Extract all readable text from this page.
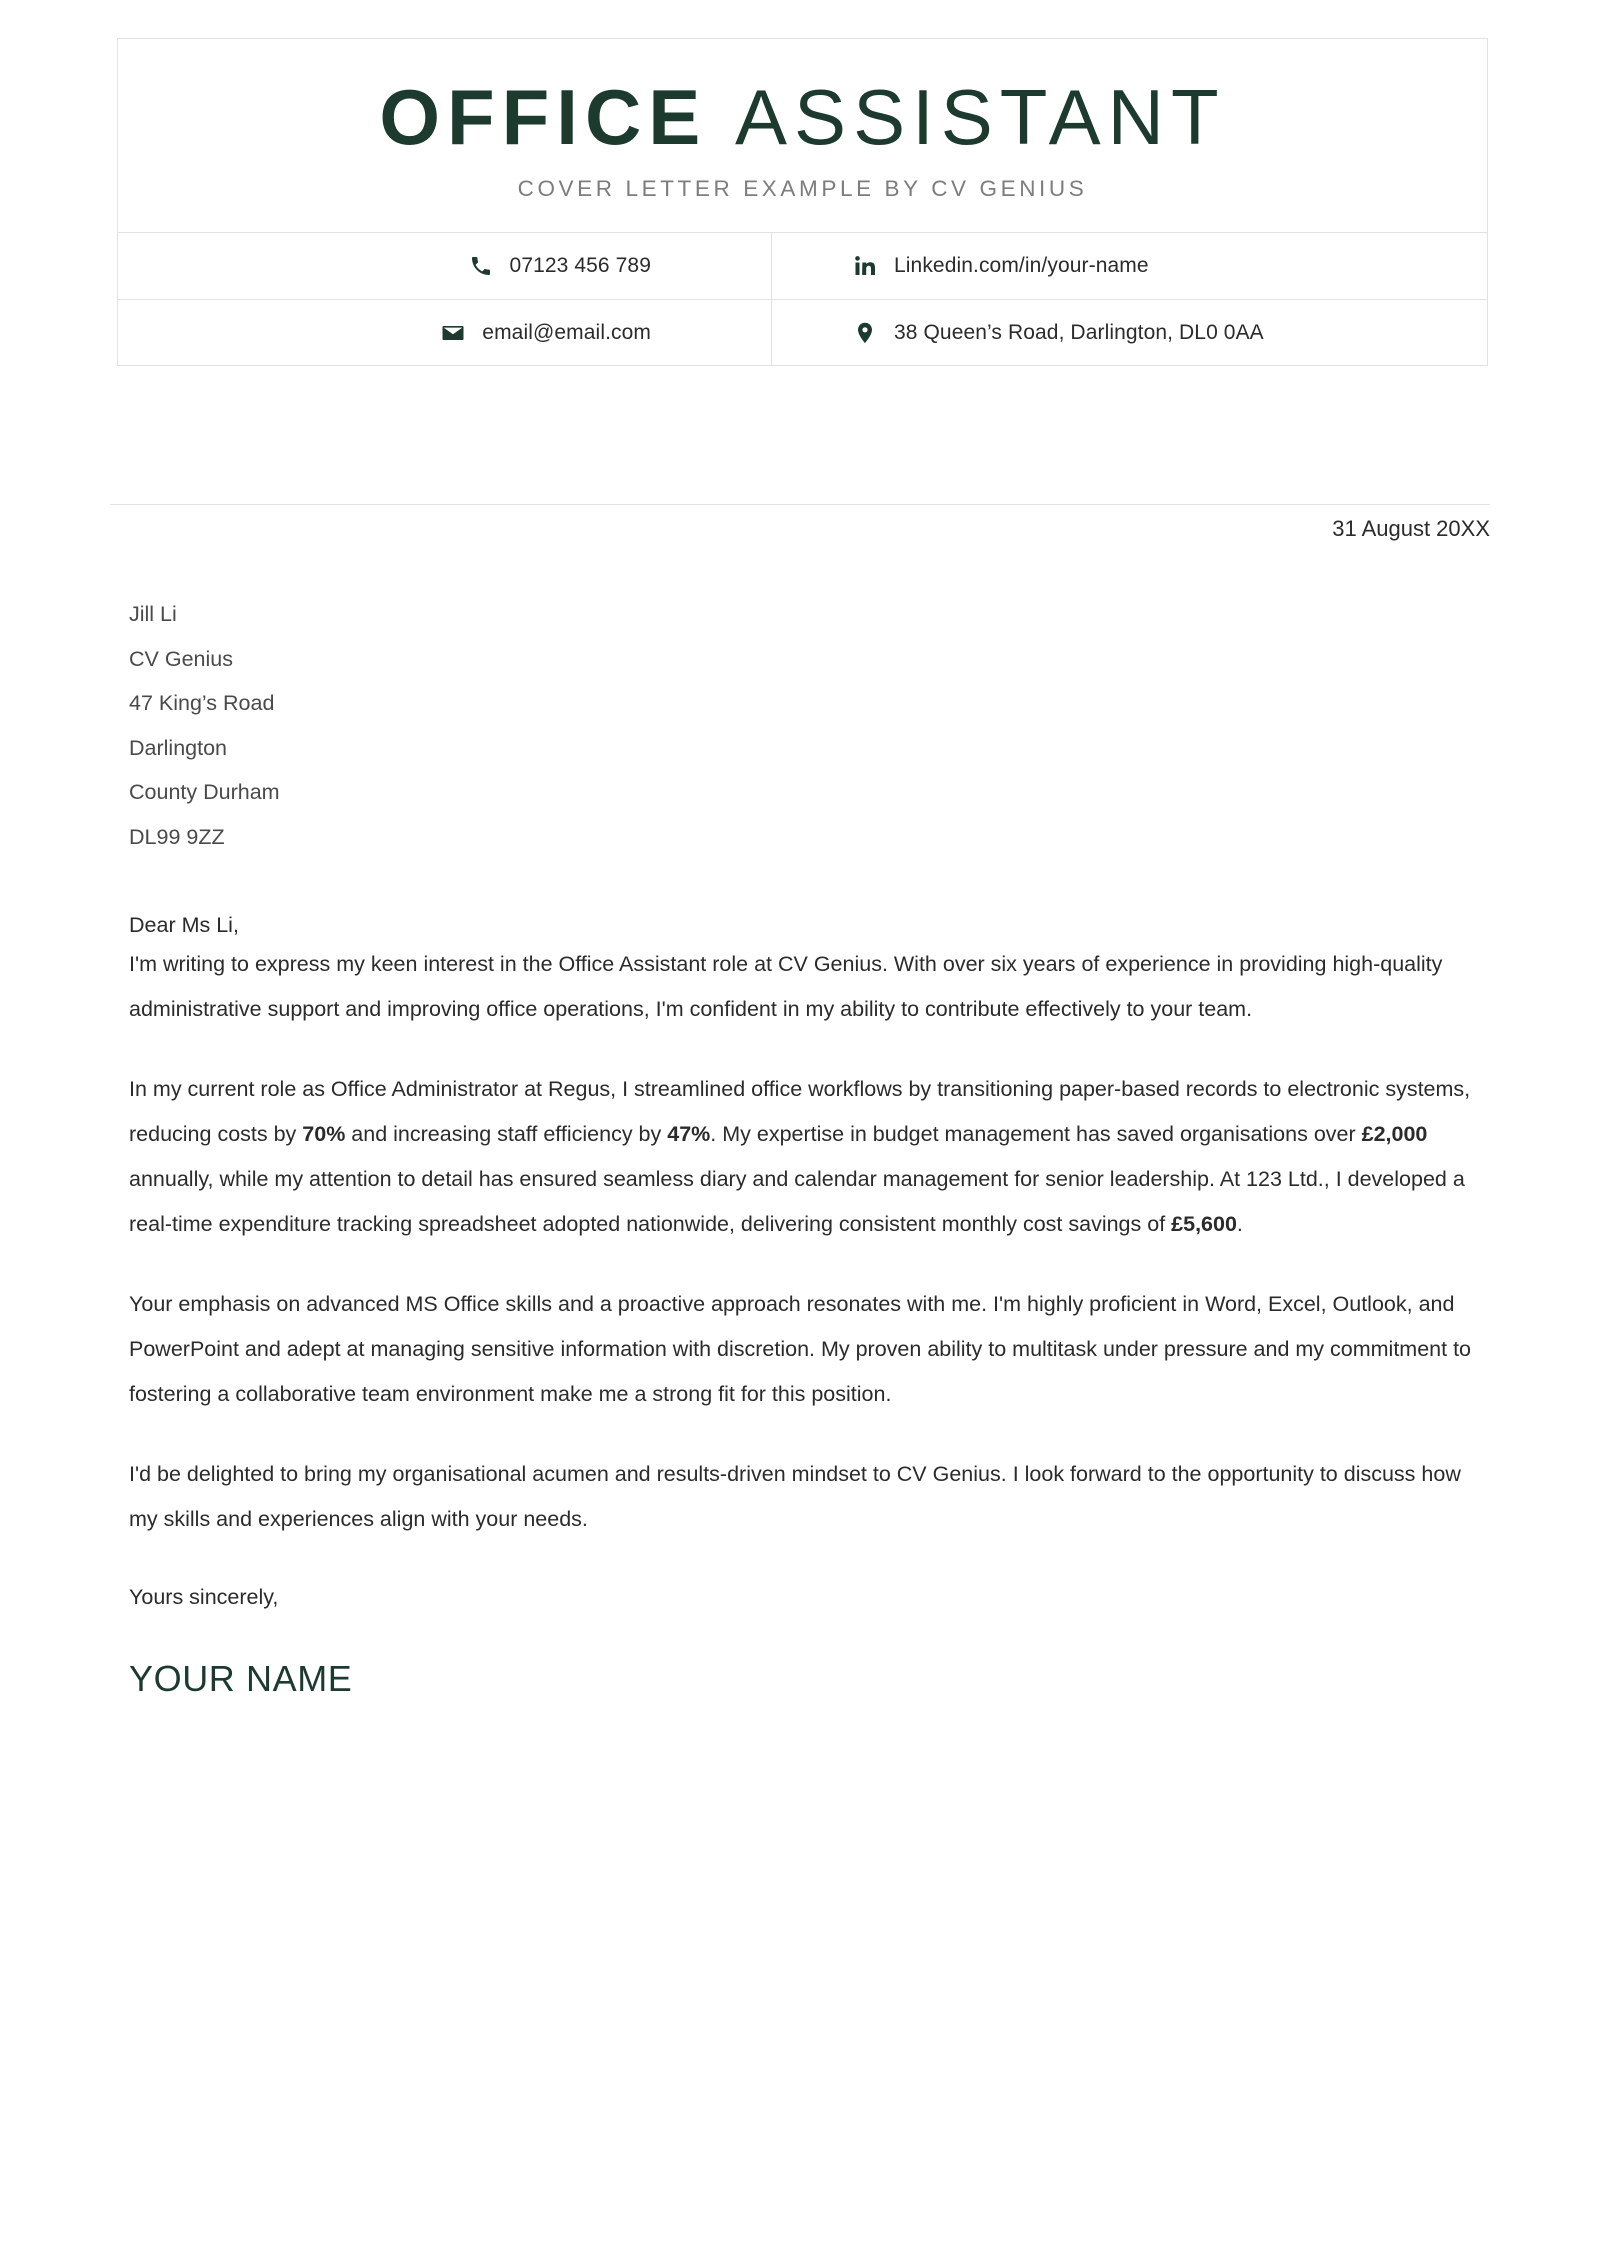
OFFICE ASSISTANT
COVER LETTER EXAMPLE BY CV GENIUS
07123 456 789	Linkedin.com/in/your-name
email@email.com	38 Queen’s Road, Darlington, DL0 0AA
31 August 20XX
Jill Li
CV Genius
47 King’s Road
Darlington
County Durham
DL99 9ZZ
Dear Ms Li,

I'm writing to express my keen interest in the Office Assistant role at CV Genius. With over six years of experience in providing high-quality administrative support and improving office operations, I'm confident in my ability to contribute effectively to your team.

In my current role as Office Administrator at Regus, I streamlined office workflows by transitioning paper-based records to electronic systems, reducing costs by 70% and increasing staff efficiency by 47%. My expertise in budget management has saved organisations over £2,000 annually, while my attention to detail has ensured seamless diary and calendar management for senior leadership. At 123 Ltd., I developed a real-time expenditure tracking spreadsheet adopted nationwide, delivering consistent monthly cost savings of £5,600.

Your emphasis on advanced MS Office skills and a proactive approach resonates with me. I'm highly proficient in Word, Excel, Outlook, and PowerPoint and adept at managing sensitive information with discretion. My proven ability to multitask under pressure and my commitment to fostering a collaborative team environment make me a strong fit for this position.

I'd be delighted to bring my organisational acumen and results-driven mindset to CV Genius. I look forward to the opportunity to discuss how my skills and experiences align with your needs.

Yours sincerely,
YOUR NAME
